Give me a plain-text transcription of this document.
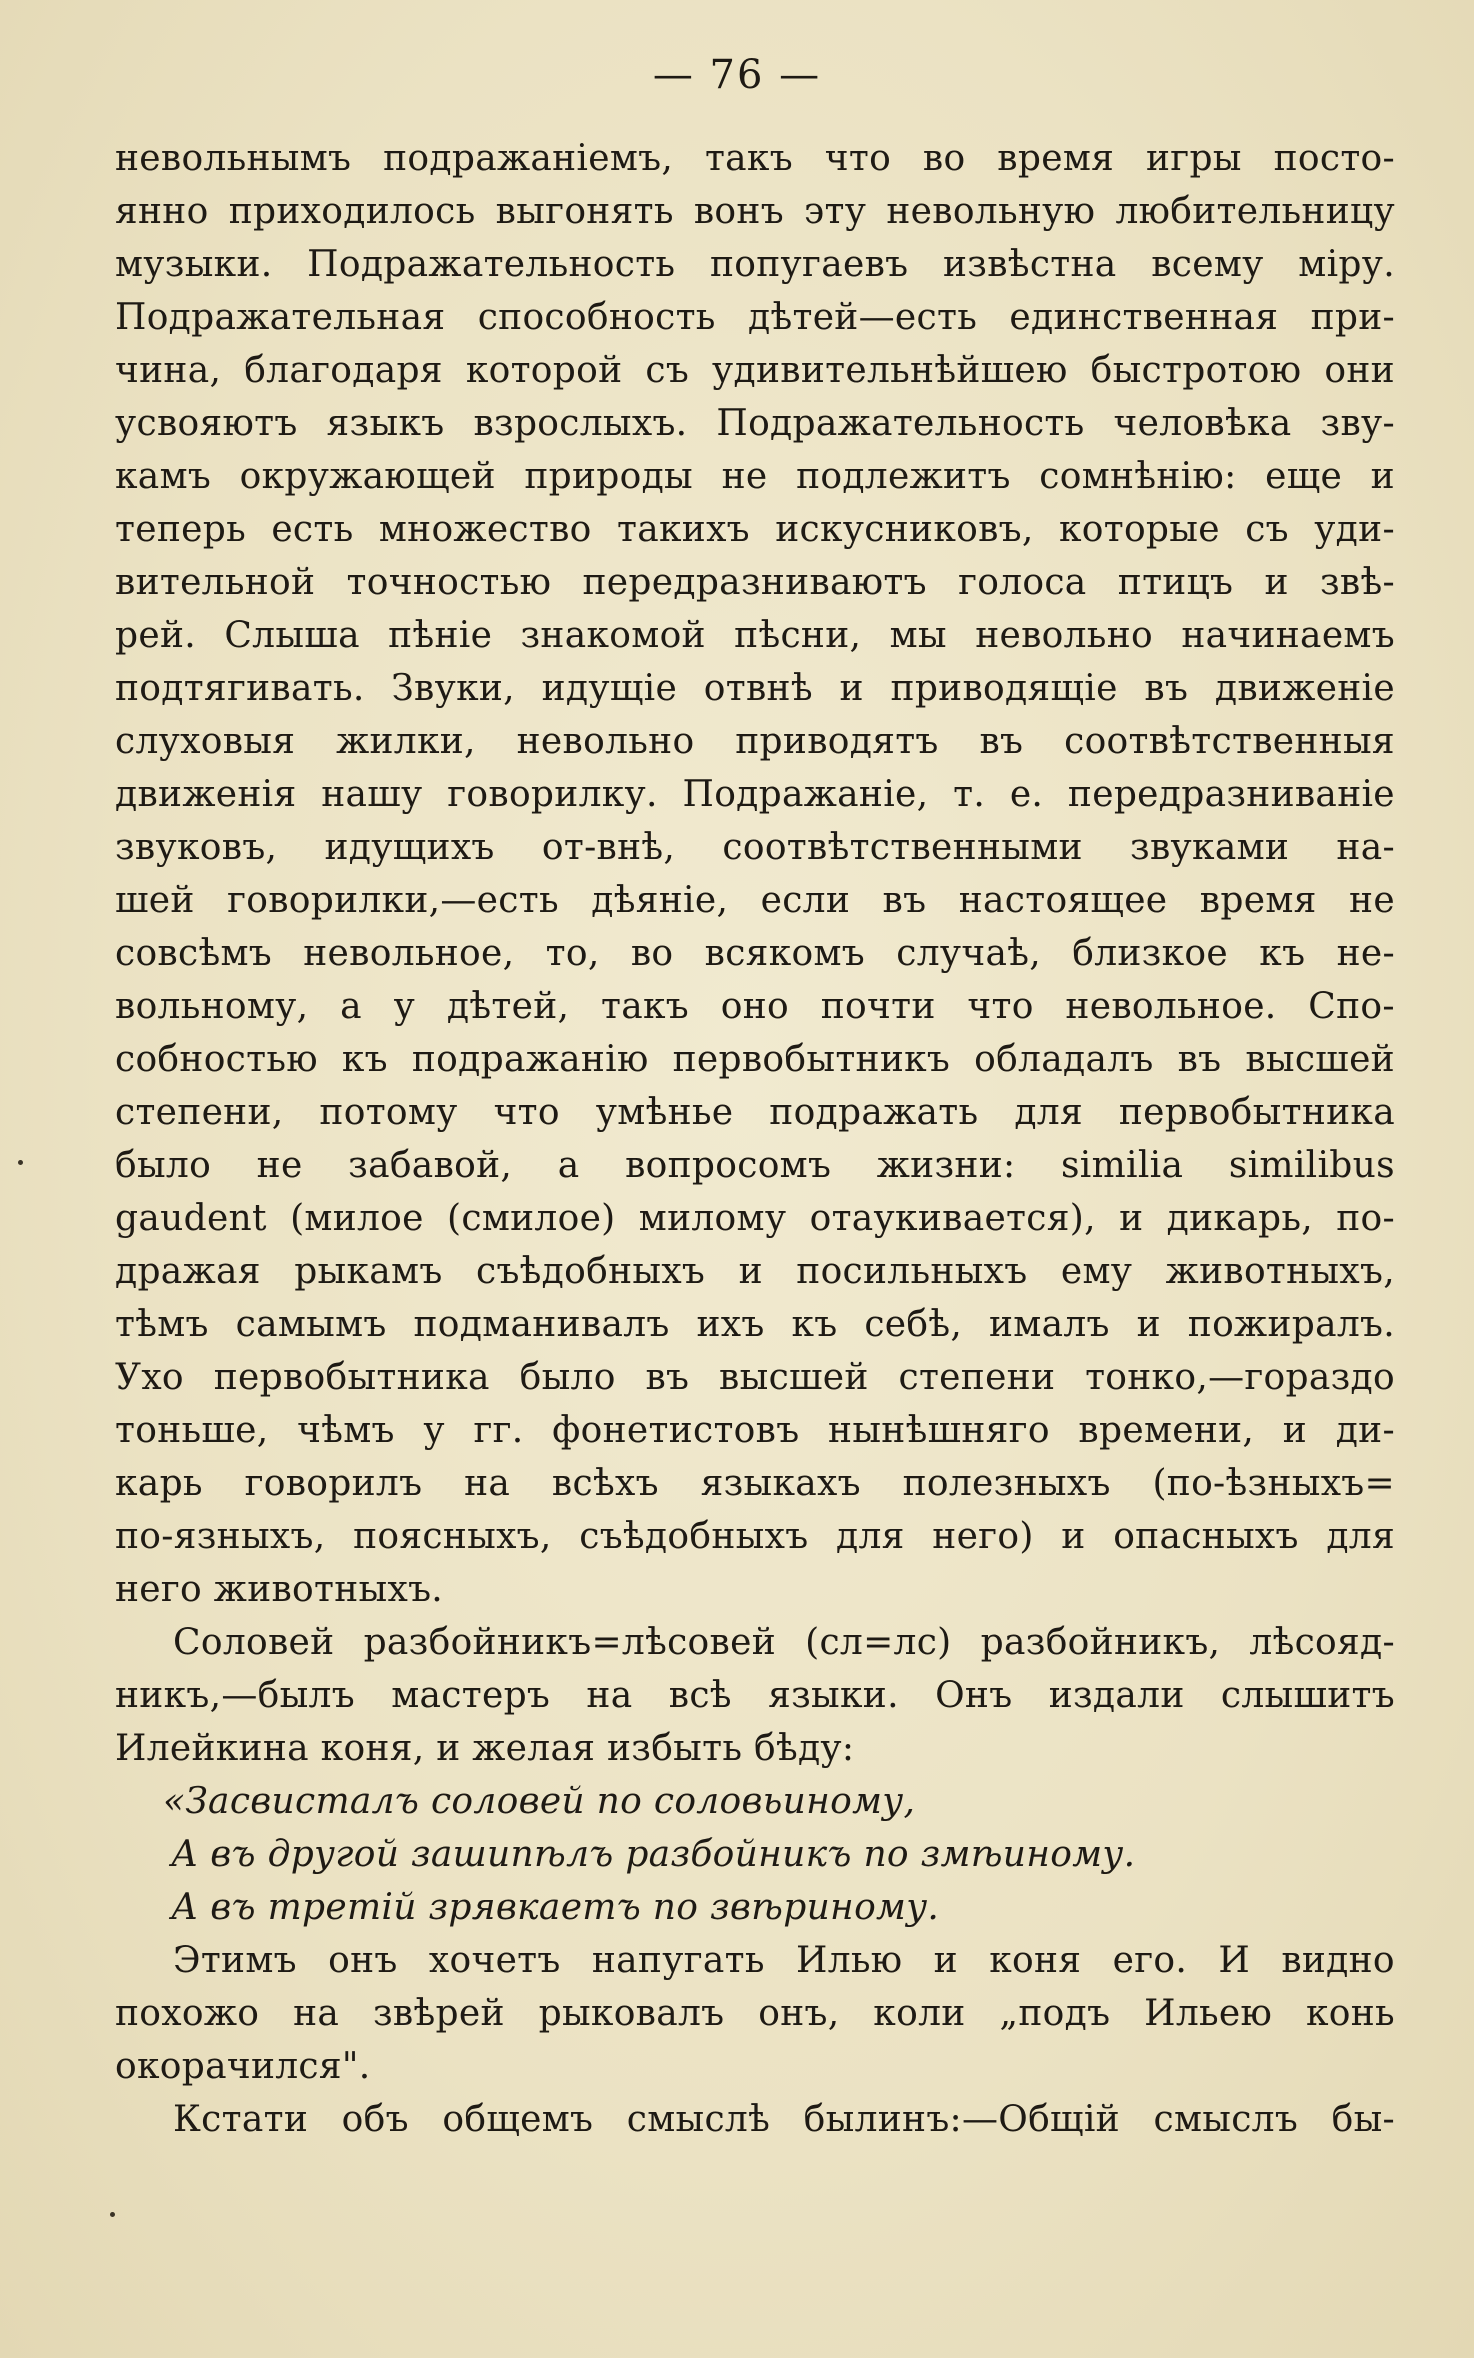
— 76 —
невольнымъ подражаніемъ, такъ что во время игры посто-
янно приходилось выгонять вонъ эту невольную любительницу
музыки. Подражательность попугаевъ извѣстна всему міру.
Подражательная способность дѣтей—есть единственная при-
чина, благодаря которой съ удивительнѣйшею быстротою они
усвояютъ языкъ взрослыхъ. Подражательность человѣка зву-
камъ окружающей природы не подлежитъ сомнѣнію: еще и
теперь есть множество такихъ искусниковъ, которые съ уди-
вительной точностью передразниваютъ голоса птицъ и звѣ-
рей. Слыша пѣніе знакомой пѣсни, мы невольно начинаемъ
подтягивать. Звуки, идущіе отвнѣ и приводящіе въ движеніе
слуховыя жилки, невольно приводятъ въ соотвѣтственныя
движенія нашу говорилку. Подражаніе, т. е. передразниваніе
звуковъ, идущихъ от-внѣ, соотвѣтственными звуками на-
шей говорилки,—есть дѣяніе, если въ настоящее время не
совсѣмъ невольное, то, во всякомъ случаѣ, близкое къ не-
вольному, а у дѣтей, такъ оно почти что невольное. Спо-
собностью къ подражанію первобытникъ обладалъ въ высшей
степени, потому что умѣнье подражать для первобытника
было не забавой, а вопросомъ жизни: similia similibus
gaudent (милое (смилое) милому отаукивается), и дикарь, по-
дражая рыкамъ съѣдобныхъ и посильныхъ ему животныхъ,
тѣмъ самымъ подманивалъ ихъ къ себѣ, ималъ и пожиралъ.
Ухо первобытника было въ высшей степени тонко,—гораздо
тоньше, чѣмъ у гг. фонетистовъ нынѣшняго времени, и ди-
карь говорилъ на всѣхъ языкахъ полезныхъ (по-ѣзныхъ=
по-язныхъ, поясныхъ, съѣдобныхъ для него) и опасныхъ для
него животныхъ.
Соловей разбойникъ=лѣсовей (сл=лс) разбойникъ, лѣсояд-
никъ,—былъ мастеръ на всѣ языки. Онъ издали слышитъ
Илейкина коня, и желая избыть бѣду:
«Засвисталъ соловей по соловьиному,
А въ другой зашипѣлъ разбойникъ по змѣиному.
А въ третій зрявкаетъ по звѣриному.
Этимъ онъ хочетъ напугать Илью и коня его. И видно
похожо на звѣрей рыковалъ онъ, коли „подъ Ильею конь
окорачился".
Кстати объ общемъ смыслѣ былинъ:—Общій смыслъ бы-
